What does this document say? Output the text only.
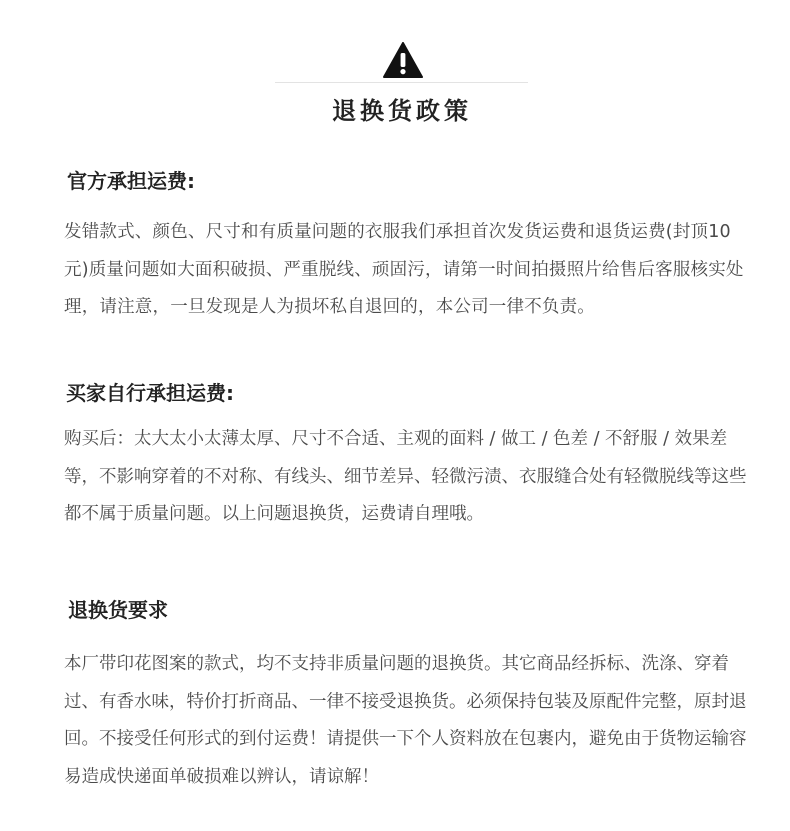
退换货政策
官方承担运费:

发错款式、颜色、尺寸和有质量问题的衣服我们承担首次发货运费和退货运费(封顶10元)质量问题如大面积破损、严重脱线、顽固污，请第一时间拍摄照片给售后客服核实处理，请注意，一旦发现是人为损坏私自退回的，本公司一律不负责。

买家自行承担运费:

购买后：太大太小太薄太厚、尺寸不合适、主观的面料 / 做工 / 色差 / 不舒服 / 效果差等，不影响穿着的不对称、有线头、细节差异、轻微污渍、衣服缝合处有轻微脱线等这些都不属于质量问题。以上问题退换货，运费请自理哦。

退换货要求

本厂带印花图案的款式，均不支持非质量问题的退换货。其它商品经拆标、洗涤、穿着过、有香水味，特价打折商品、一律不接受退换货。必须保持包装及原配件完整，原封退回。不接受任何形式的到付运费！请提供一下个人资料放在包裹内，避免由于货物运输容易造成快递面单破损难以辨认，请谅解！
